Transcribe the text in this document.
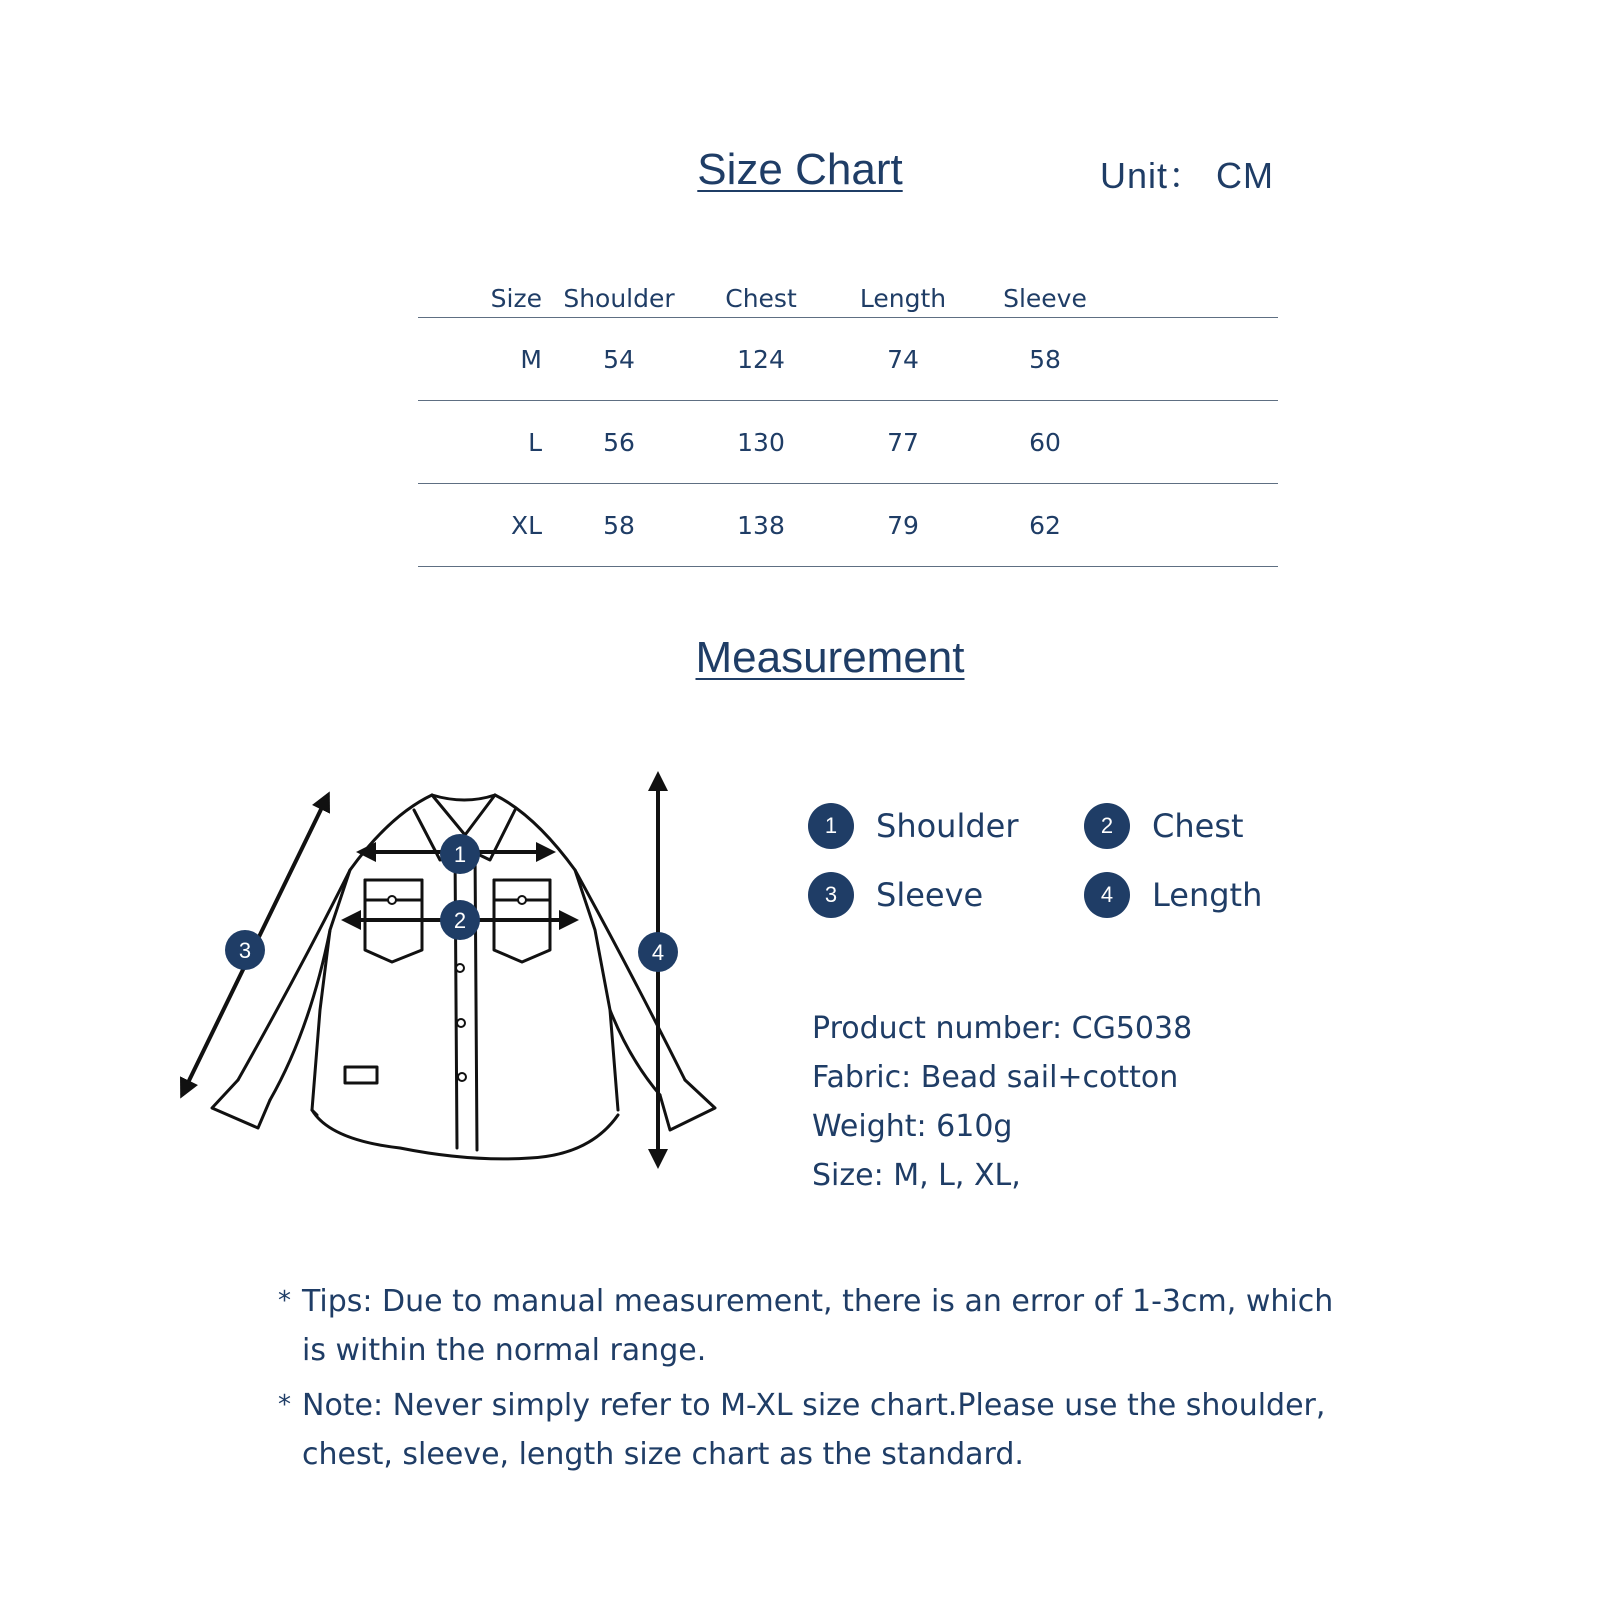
Size Chart	Unit： CM
Size Shoulder	Chest	Length	Sleeve
M	54	124	74	58
L	56	130	77	60
XL	58	138	79	62
Measurement
1
2
3	4
1	Shoulder	2	Chest
3	Sleeve	4	Length
Product number: CG5038
Fabric: Bead sail+cotton
Weight: 610g
Size: M, L, XL,
* Tips: Due to manual measurement, there is an error of 1-3cm, which is within the normal range.
* Note: Never simply refer to M-XL size chart.Please use the shoulder, chest, sleeve, length size chart as the standard.
